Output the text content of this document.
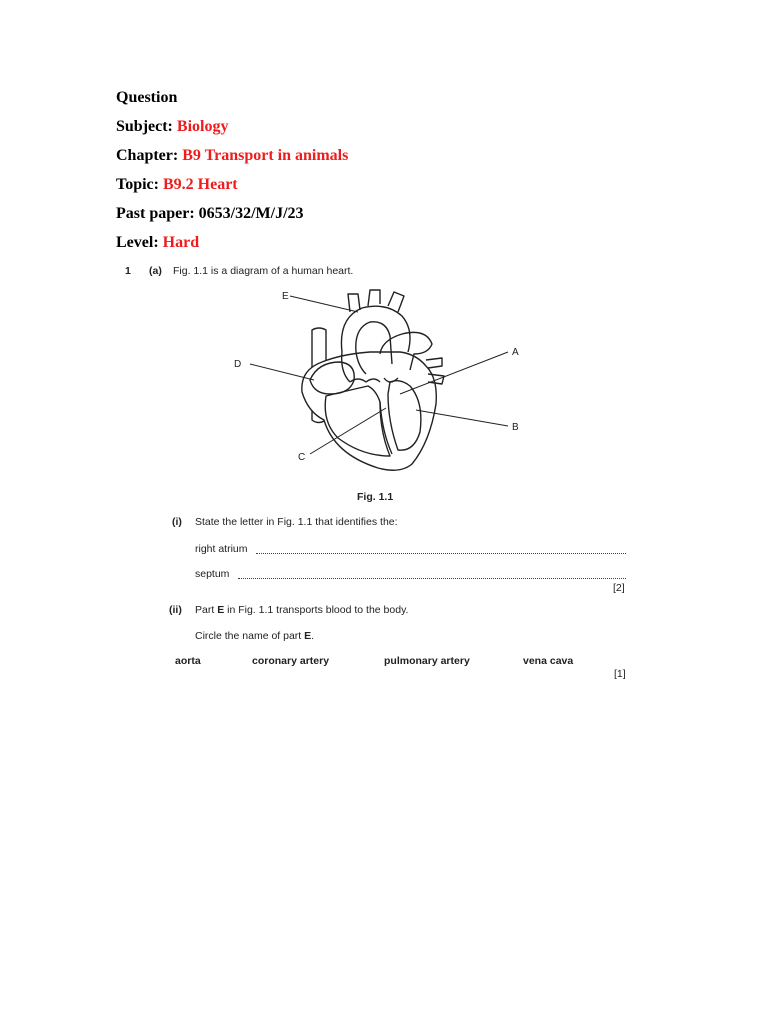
Question
Subject: Biology
Chapter: B9 Transport in animals
Topic: B9.2 Heart
Past paper: 0653/32/M/J/23
Level: Hard
1 (a) Fig. 1.1 is a diagram of a human heart.
E
D
A
B
C
Fig. 1.1
(i) State the letter in Fig. 1.1 that identifies the:
right atrium
septum
[2]
(ii) Part E in Fig. 1.1 transports blood to the body.
Circle the name of part E.
aorta	coronary artery	pulmonary artery	vena cava
[1]
